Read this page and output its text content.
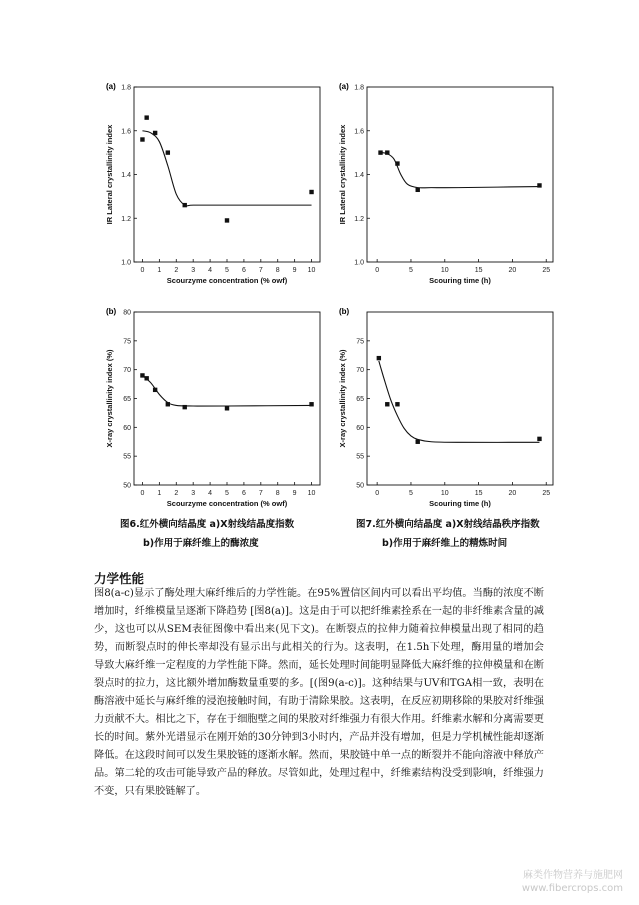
(a)
1.0
1.2
1.4
1.6
1.8
0 1 2 3 4 5 6 7 8 9 10
Scourzyme concentration (% owf)
IR Lateral crystallinity index
(a)
1.0
1.2
1.4
1.6
1.8
0	5	10	15	20	25
Scouring time (h)
IR Lateral crystallinity index
(b)
50
55
60
65
70
75
80
0 1 2 3 4 5 6 7 8 9 10
Scourzyme concentration (% owf)
X-ray crystallinity index (%)
(b)
50
55
60
65
70
75
0	5	10	15	20	25
Scouring time (h)
X-ray crystallinity index (%)
图6.红外横向结晶度 a)X射线结晶度指数
b)作用于麻纤维上的酶浓度
图7.红外横向结晶度 a)X射线结晶秩序指数
b)作用于麻纤维上的精炼时间
力学性能
图8(a-c)显示了酶处理大麻纤维后的力学性能。在95%置信区间内可以看出平均值。当酶的浓度不断增加时，纤维模量呈逐渐下降趋势 [图8(a)]。这是由于可以把纤维素拴系在一起的非纤维素含量的减少，这也可以从SEM表征图像中看出来(见下文)。在断裂点的拉伸力随着拉伸模量出现了相同的趋势，而断裂点时的伸长率却没有显示出与此相关的行为。这表明，在1.5h下处理，酶用量的增加会导致大麻纤维一定程度的力学性能下降。然而，延长处理时间能明显降低大麻纤维的拉伸模量和在断裂点时的拉力，这比额外增加酶数量重要的多。[(图9(a-c)]。这种结果与UV和TGA相一致，表明在酶溶液中延长与麻纤维的浸泡接触时间，有助于清除果胶。这表明，在反应初期移除的果胶对纤维强力贡献不大。相比之下，存在于细胞壁之间的果胶对纤维强力有很大作用。纤维素水解和分离需要更长的时间。紫外光谱显示在刚开始的30分钟到3小时内，产品并没有增加，但是力学机械性能却逐渐降低。在这段时间可以发生果胶链的逐渐水解。然而，果胶链中单一点的断裂并不能向溶液中释放产品。第二轮的攻击可能导致产品的释放。尽管如此，处理过程中，纤维素结构没受到影响，纤维强力不变，只有果胶链解了。
麻类作物营养与施肥网
www.fibercrops.com
